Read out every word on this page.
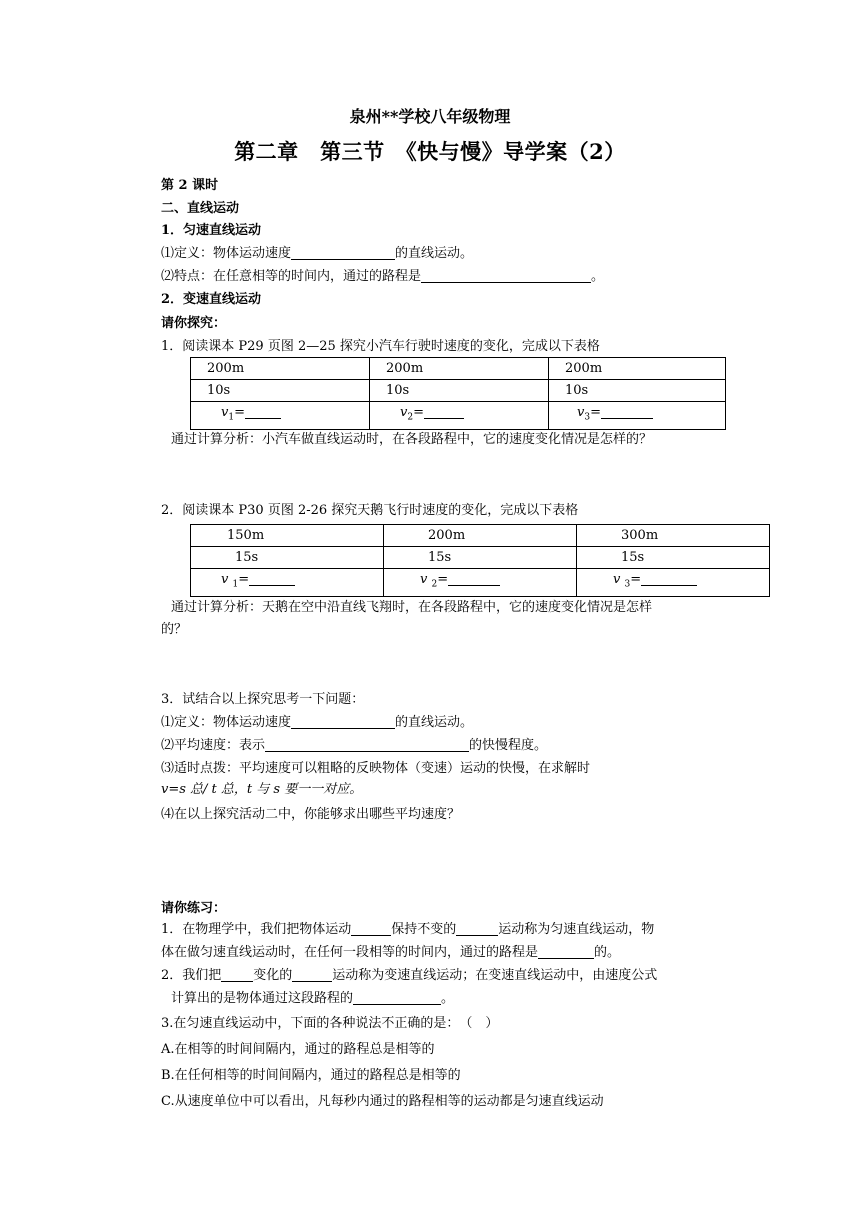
泉州**学校八年级物理
第二章　第三节　《快与慢》导学案（2）
第 2 课时
二、直线运动
1．匀速直线运动
⑴定义：物体运动速度	的直线运动。
⑵特点：在任意相等的时间内，通过的路程是	。
2．变速直线运动
请你探究：
1．阅读课本 P29 页图 2—25 探究小汽车行驶时速度的变化，完成以下表格
200m	200m	200m
10s	10s	10s
$v_1=$	$v_2=$	$v_3=$
通过计算分析：小汽车做直线运动时，在各段路程中，它的速度变化情况是怎样的？
2．阅读课本 P30 页图 2-26 探究天鹅飞行时速度的变化，完成以下表格
150m	200m	300m
15s	15s	15s
v $_1$=	v $_2$=	v $_3$=
通过计算分析：天鹅在空中沿直线飞翔时，在各段路程中，它的速度变化情况是怎样
的？
3．试结合以上探究思考一下问题：
⑴定义：物体运动速度	的直线运动。
⑵平均速度：表示	的快慢程度。
⑶适时点拨：平均速度可以粗略的反映物体（变速）运动的快慢，在求解时
v=s 总/ t 总，t 与 s 要一一对应。
⑷在以上探究活动二中，你能够求出哪些平均速度？
请你练习：
1．在物理学中，我们把物体运动	保持不变的	运动称为匀速直线运动，物
体在做匀速直线运动时，在任何一段相等的时间内，通过的路程是	的。
2．我们把 变化的	运动称为变速直线运动；在变速直线运动中，由速度公式
计算出的是物体通过这段路程的	。
3.在匀速直线运动中，下面的各种说法不正确的是：　（　）
A.在相等的时间间隔内，通过的路程总是相等的
B.在任何相等的时间间隔内，通过的路程总是相等的
C.从速度单位中可以看出，凡每秒内通过的路程相等的运动都是匀速直线运动
